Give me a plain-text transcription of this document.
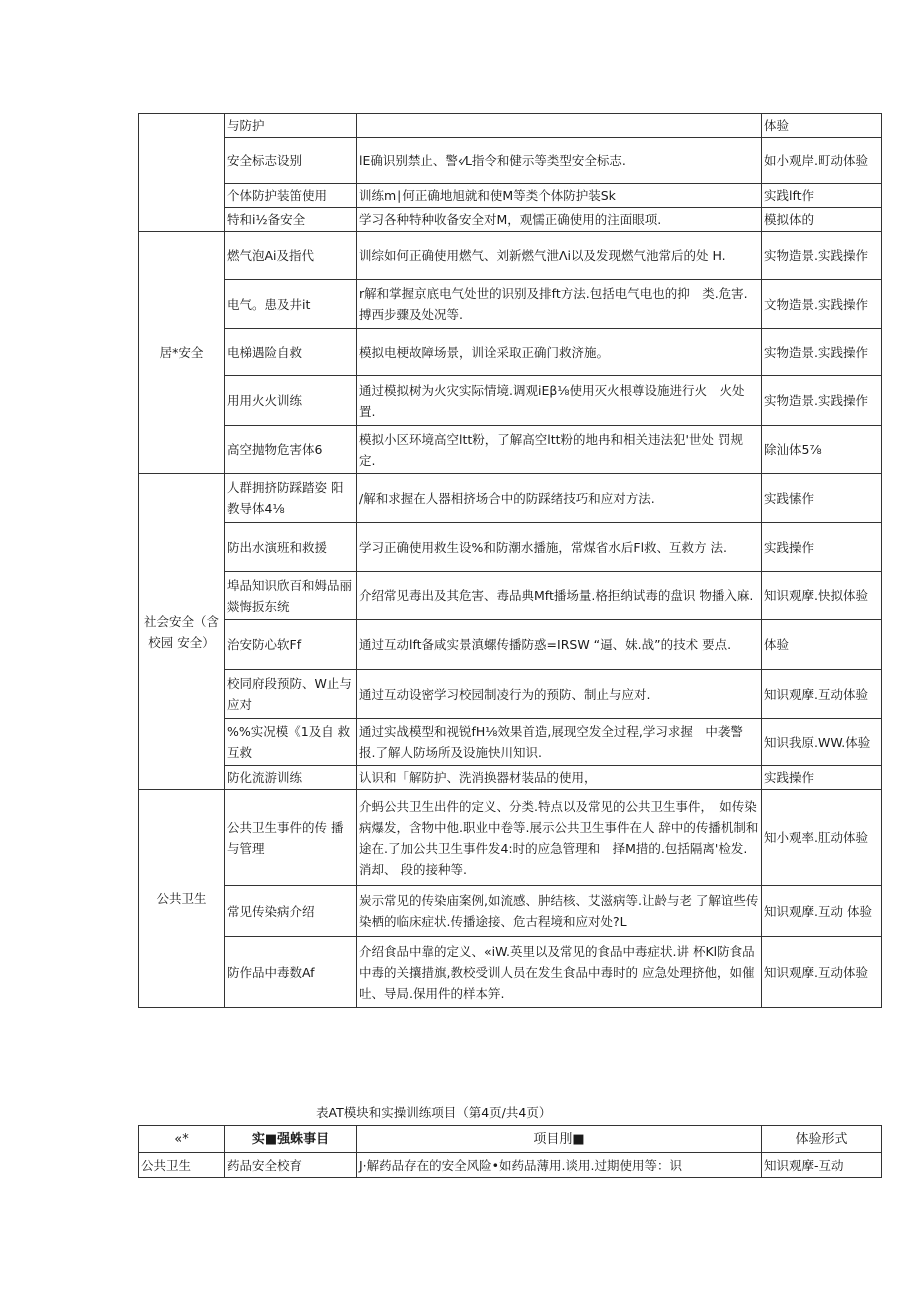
	与防护		体验
	安全标志设别	lE确识别禁止、警‹⁄L指令和健示等类型安全标志.	如小观岸.町动体验
	个体防护装笛使用	训练m∣何正确地旭就和使M等类个体防护装Sk	实践lft作
	特和i½备安全	学习各种特种收备安全对M，观懦正确使用的注面眼项.	模拟体的
居*安全	燃气泡Ai及指代	训综如何正确使用燃气、刘新燃气泄Λi以及发现燃气池常后的处 H.	实物造景.实践操作
	电气。患及井it	r解和掌握京底电气处世的识别及排ft方法.包括电气电也的抑　类.危害.搏西步骤及处况等.	文物造景.实践操作
	电梯遇险自救	模拟电梗故障场景，训诠采取正确门救济施。	实物造景.实践操作
	用用火火训练	通过模拟树为火灾实际情境.调观iEβ⅛使用灭火根尊设施进行火　火处置.	实物造景.实践操作
	高空抛物危害体6	模拟小区环境高空ltt粉，了解高空ltt粉的地冉和相关违法犯'世处 罚规定.	除汕体5⅞
社会安全（含校园 安全）	人群拥挤防踩踏姿 阳教导体4⅛	/解和求握在人器相挤场合中的防踩绪技巧和应对方法.	实践愫作
	防出水演班和救援	学习正确使用救生设%和防潮水播施，常煤省水后Fl救、互救方 法.	实践操作
	埠品知识欣百和姆品丽燚悔扳东统	介绍常见毒出及其危害、毒品典Mft播场量.格拒纳试毒的盘识 物播入麻.	知识观摩.快拟体验
	治安防心软Ff	通过互动lft备咸实景滇螺传播防惑=IRSW “逼、妹.战”的技术 要点.	体验
	校同府段预防、W止与应对	通过互动设密学习校园制凌行为的预防、制止与应对.	知识观摩.互动体验
	%%实况模《1及自 救互救	通过实战模型和视锐fH⅛效果首造,展现空发全过程,学习求握　中袭警报.了解人防场所及设施快川知识.	知识我原.WW.体验
	防化流游训练	认识和「解防护、洗消换器材装品的使用，	实践操作
公共卫生	公共卫生事件的传 播与管理	介蚂公共卫生出件的定义、分类.特点以及常见的公共卫生事件，　如传染病爆发，含物中他.职业中卷等.展示公共卫生事件在人 辞中的传播机制和途在.了加公共卫生事件发4:时的应急管理和　择M措的.包括隔离'检发.消却、 段的接种等.	知小观率.肛动体验
	常见传染病介绍	炭示常见的传染庙案例,如流感、肿结核、艾滋病等.让龄与老 了解谊些传染栖的临床症状.传播途接、危古程境和应对处?L	知识观摩.互动 体验
	防作品中毒数Af	介绍食品中靠的定义、«iW.英里以及常见的食品中毒症状.讲 杯Kl防食品中毒的关攘措旗,教校受训人员在发生食品中毒时的 应急处理挤他，如催吐、导局.保用件的样本笄.	知识观摩.互动体验
表AT模块和实操训练项目（第4页/共4页）
«*	实■强蛛事目	项目刖■	体验形式
公共卫生	药品安全校育	J·解药品存在的安全风险•如药品薄用.谈用.过期使用等：识	知识观摩-互动
